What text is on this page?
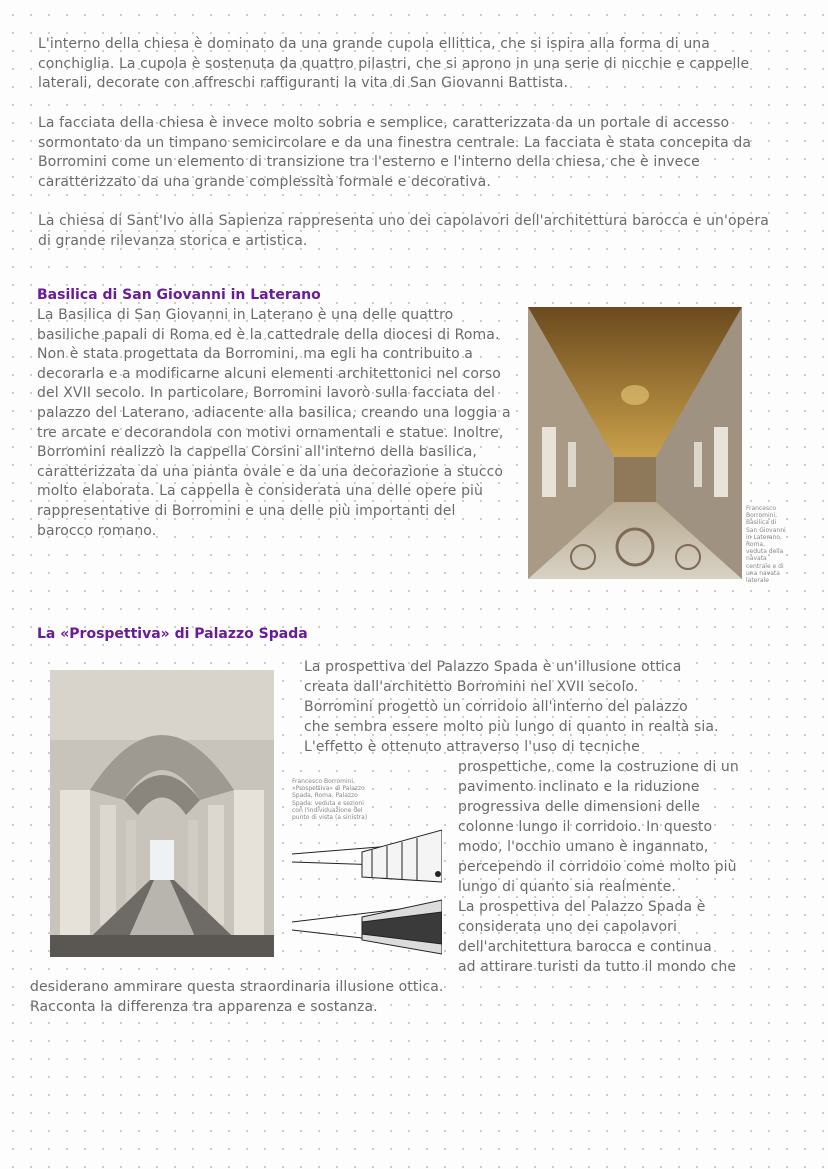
L'interno della chiesa è dominato da una grande cupola ellittica, che si ispira alla forma di una conchiglia. La cupola è sostenuta da quattro pilastri, che si aprono in una serie di nicchie e cappelle laterali, decorate con affreschi raffiguranti la vita di San Giovanni Battista.

La facciata della chiesa è invece molto sobria e semplice, caratterizzata da un portale di accesso sormontato da un timpano semicircolare e da una finestra centrale. La facciata è stata concepita da Borromini come un elemento di transizione tra l'esterno e l'interno della chiesa, che è invece caratterizzato da una grande complessità formale e decorativa.

La chiesa di Sant'Ivo alla Sapienza rappresenta uno dei capolavori dell'architettura barocca e un'opera di grande rilevanza storica e artistica.

Basilica di San Giovanni in Laterano

La Basilica di San Giovanni in Laterano è una delle quattro basiliche papali di Roma ed è la cattedrale della diocesi di Roma. Non è stata progettata da Borromini, ma egli ha contribuito a decorarla e a modificarne alcuni elementi architettonici nel corso del XVII secolo. In particolare, Borromini lavorò sulla facciata del palazzo del Laterano, adiacente alla basilica, creando una loggia a tre arcate e decorandola con motivi ornamentali e statue. Inoltre, Borromini realizzò la cappella Corsini all'interno della basilica, caratterizzata da una pianta ovale e da una decorazione a stucco molto elaborata. La cappella è considerata una delle opere più rappresentative di Borromini e una delle più importanti del barocco romano.

Francesco Borromini, Basilica di San Giovanni in Laterano, Roma, veduta della navata centrale e di una navata laterale

La «Prospettiva» di Palazzo Spada

Francesco Borromini, «Prospettiva» di Palazzo Spada, Roma. Palazzo Spada: veduta e sezioni con l'individuazione del punto di vista (a sinistra)

La prospettiva del Palazzo Spada è un'illusione ottica
creata dall'architetto Borromini nel XVII secolo.
Borromini progettò un corridoio all'interno del palazzo
che sembra essere molto più lungo di quanto in realtà sia.
L'effetto è ottenuto attraverso l'uso di tecniche
prospettiche, come la costruzione di un
pavimento inclinato e la riduzione
progressiva delle dimensioni delle
colonne lungo il corridoio. In questo
modo, l'occhio umano è ingannato,
percependo il corridoio come molto più
lungo di quanto sia realmente.
La prospettiva del Palazzo Spada è
considerata uno dei capolavori
dell'architettura barocca e continua
ad attirare turisti da tutto il mondo che
desiderano ammirare questa straordinaria illusione ottica.
Racconta la differenza tra apparenza e sostanza.
